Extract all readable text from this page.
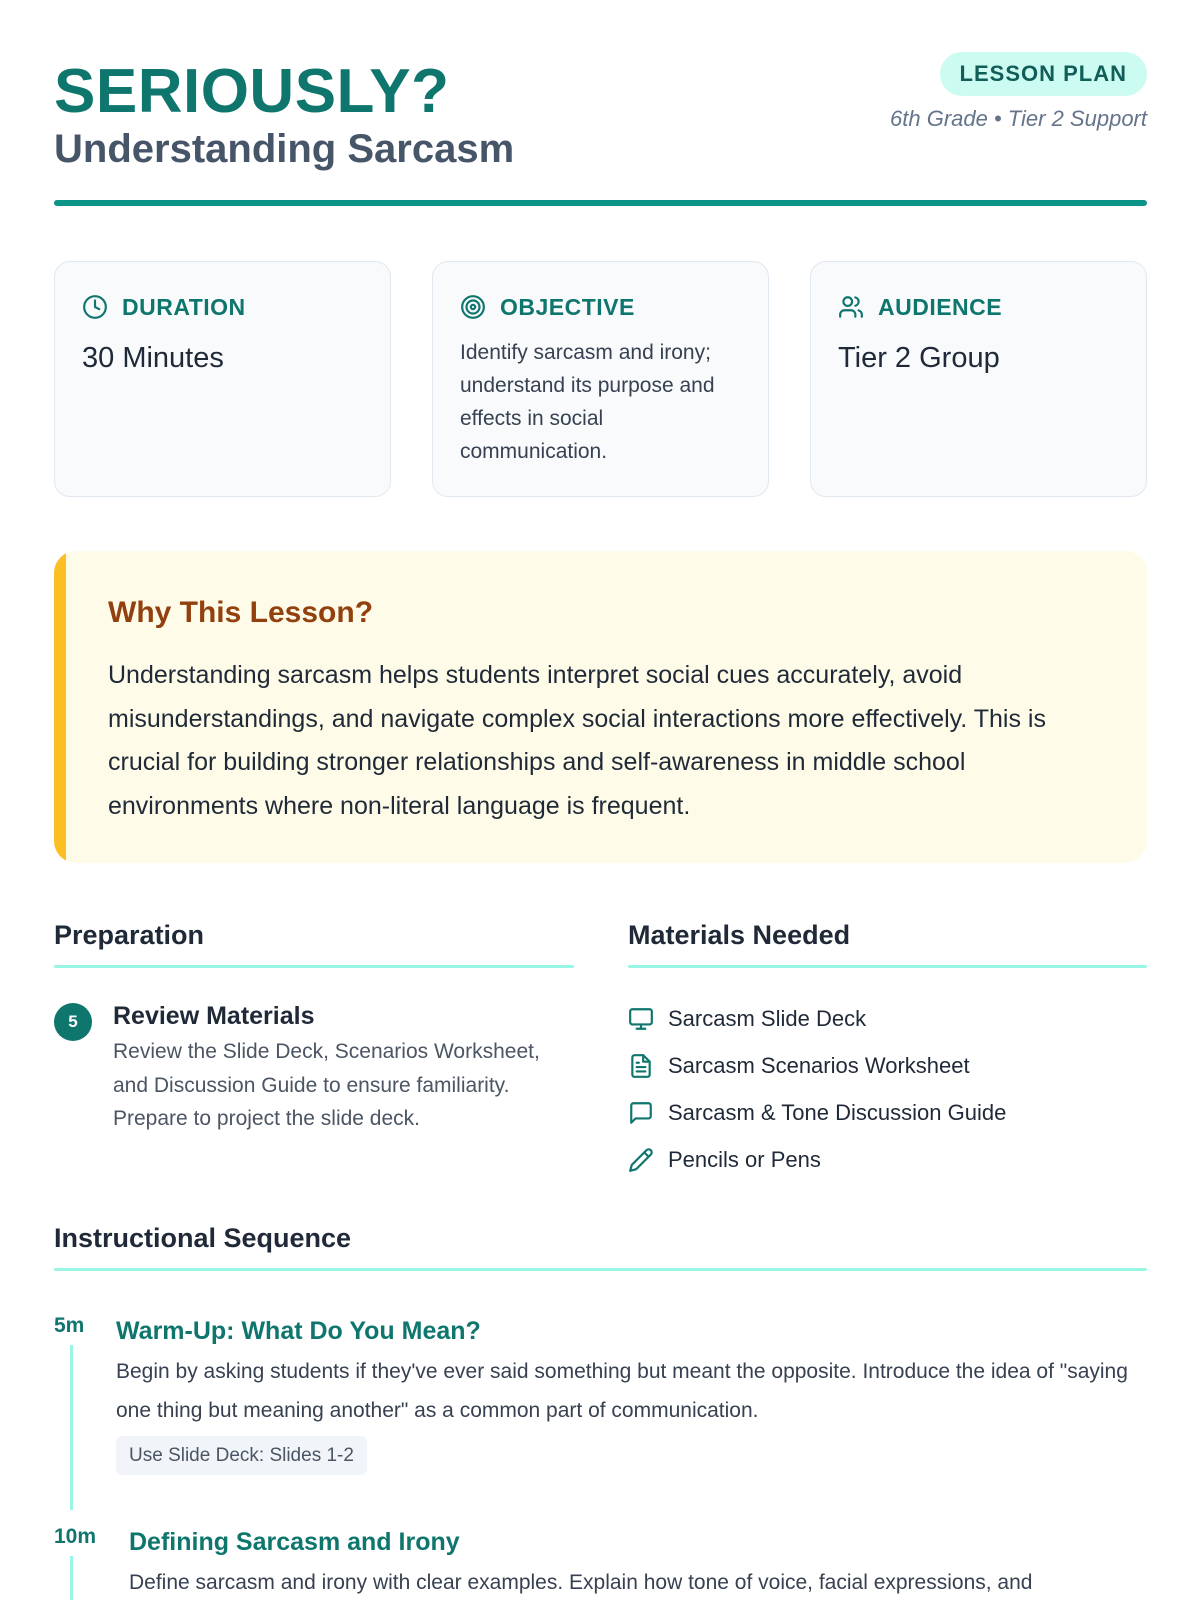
SERIOUSLY?
Understanding Sarcasm
LESSON PLAN
6th Grade • Tier 2 Support
DURATION
30 Minutes
OBJECTIVE
Identify sarcasm and irony; understand its purpose and effects in social communication.
AUDIENCE
Tier 2 Group
Why This Lesson?
Understanding sarcasm helps students interpret social cues accurately, avoid misunderstandings, and navigate complex social interactions more effectively. This is crucial for building stronger relationships and self-awareness in middle school environments where non-literal language is frequent.
Preparation
5	Review Materials
Review the Slide Deck, Scenarios Worksheet, and Discussion Guide to ensure familiarity. Prepare to project the slide deck.
Materials Needed
Sarcasm Slide Deck
Sarcasm Scenarios Worksheet
Sarcasm & Tone Discussion Guide
Pencils or Pens
Instructional Sequence
5m Warm-Up: What Do You Mean?
Begin by asking students if they've ever said something but meant the opposite. Introduce the idea of "saying one thing but meaning another" as a common part of communication.
Use Slide Deck: Slides 1-2
10m Defining Sarcasm and Irony
Define sarcasm and irony with clear examples. Explain how tone of voice, facial expressions, and
